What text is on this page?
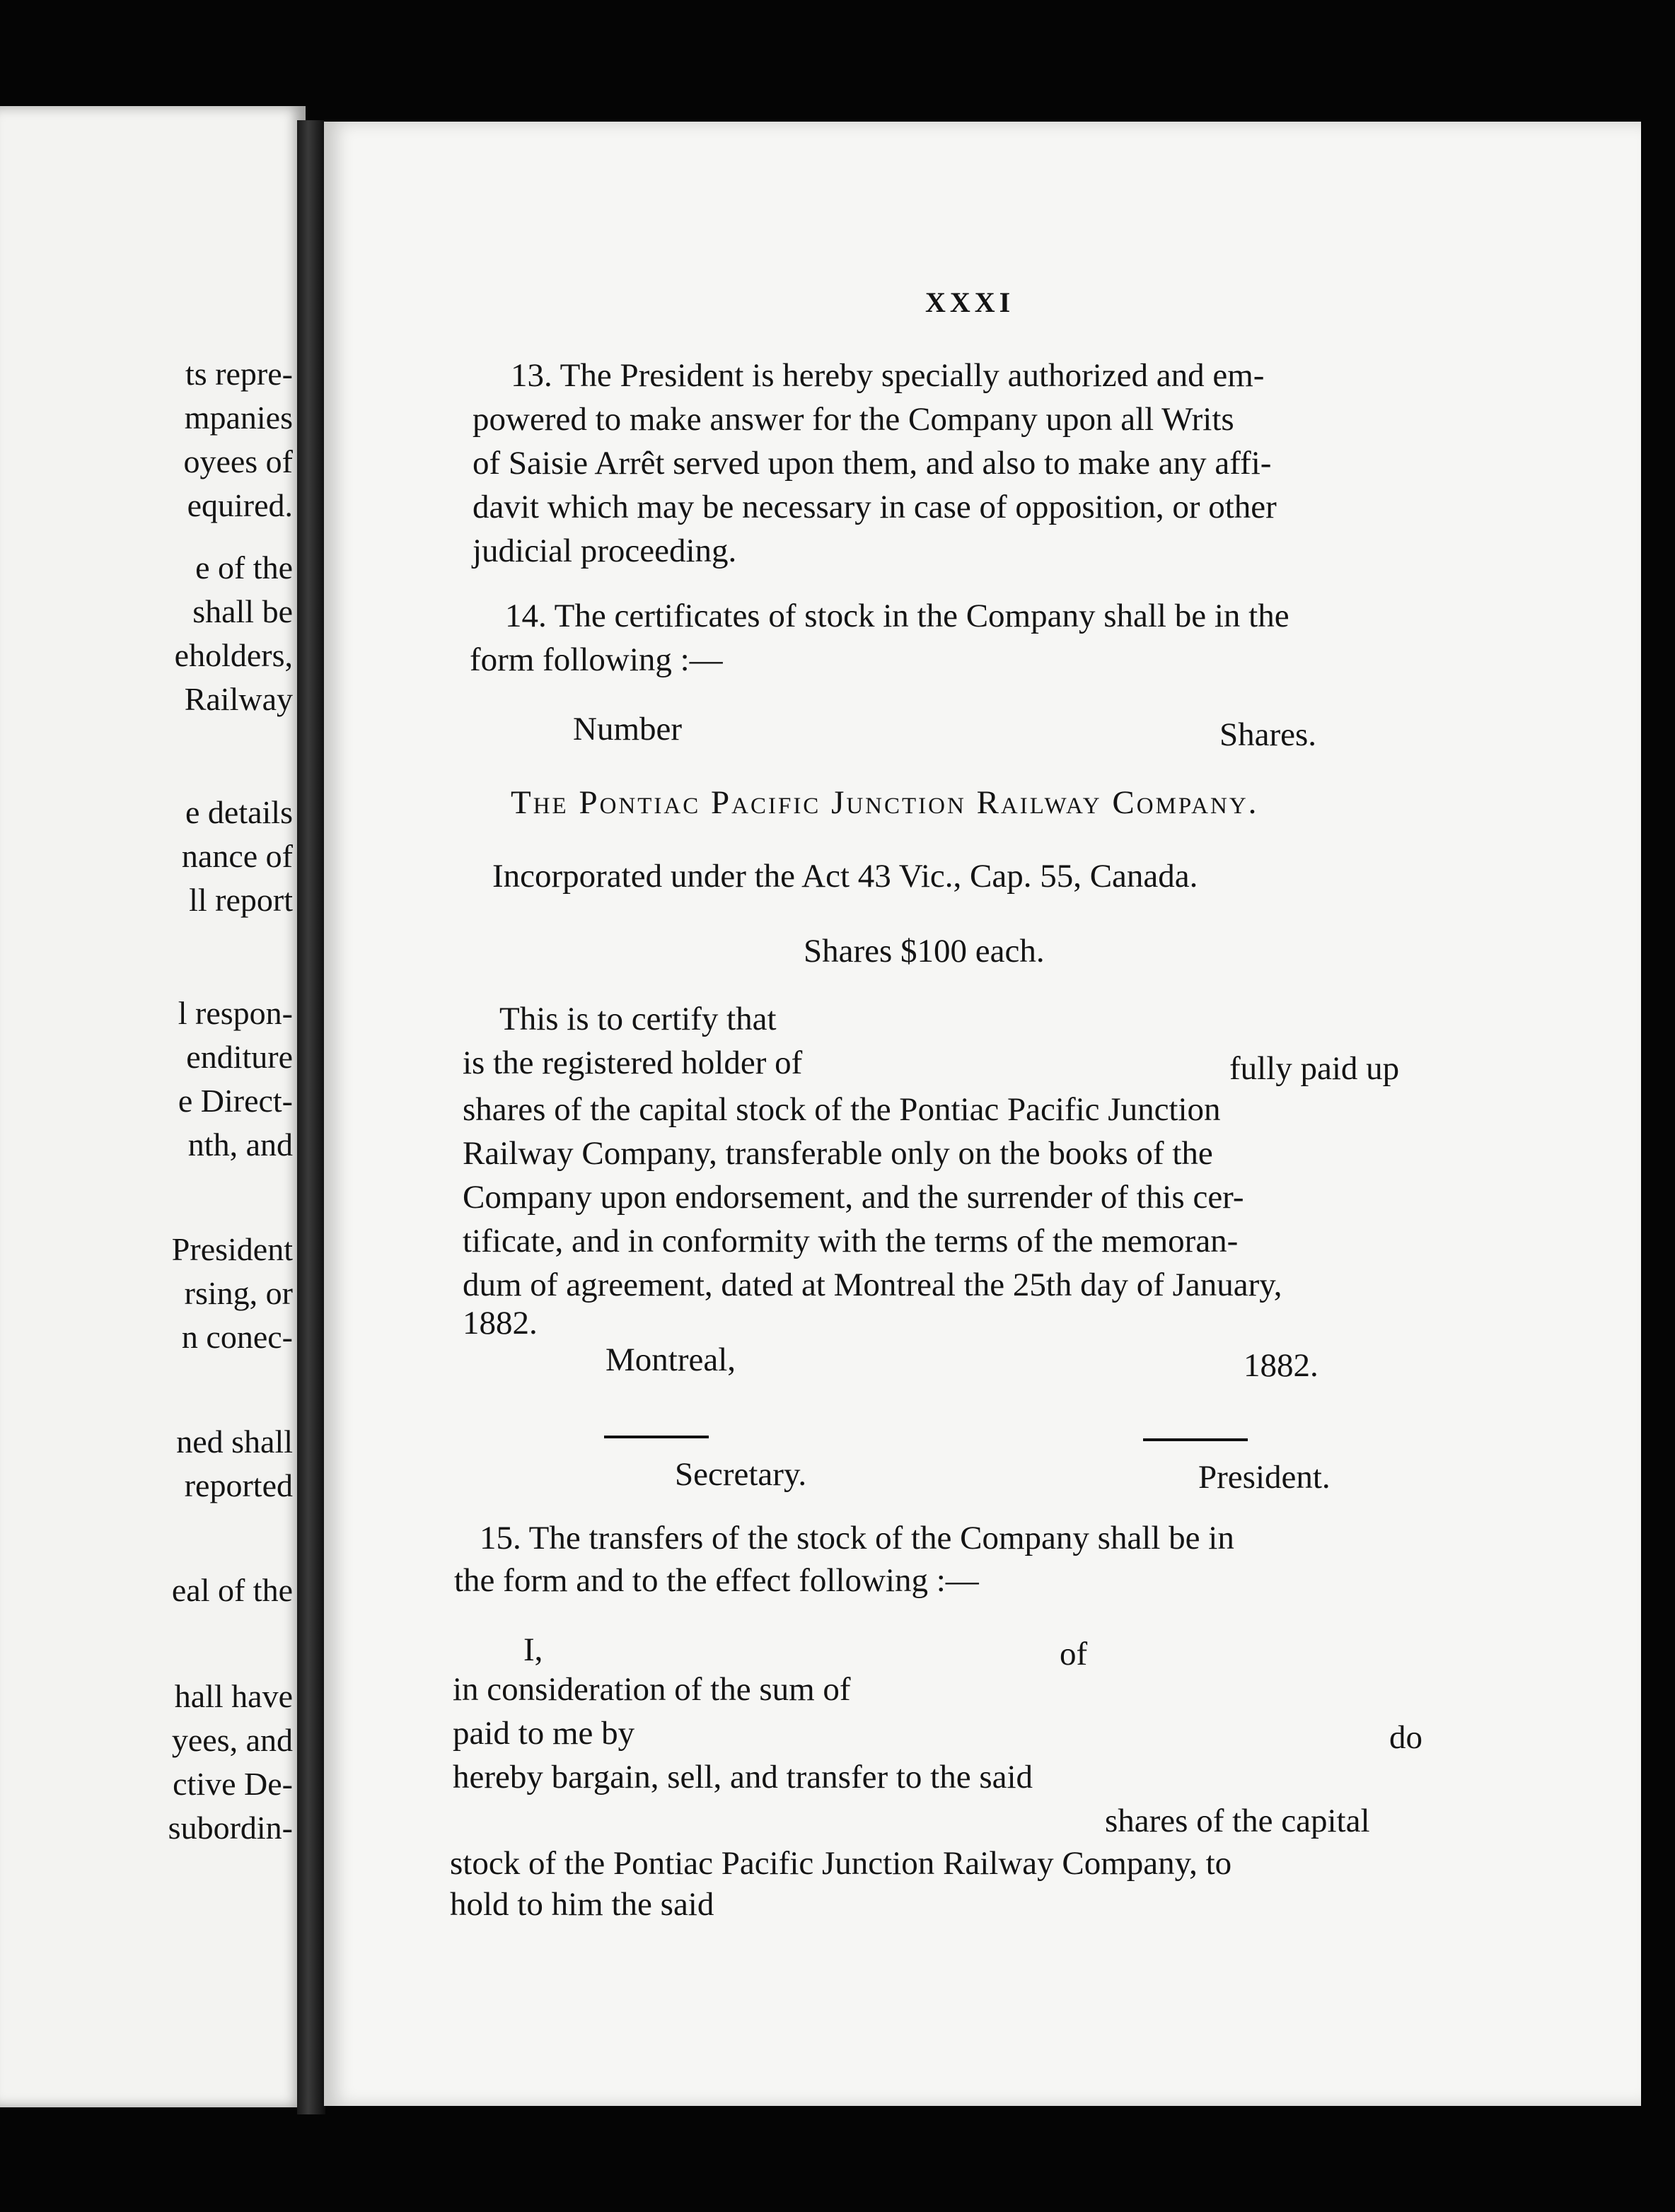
ts repre-
mpanies
oyees of
equired.
e of the
shall be
eholders,
Railway
e details
nance of
ll report
l respon-
enditure
e Direct-
nth, and
President
rsing, or
n conec-
ned shall
reported
eal of the
hall have
yees, and
ctive De-
subordin-
XXXI
13. The President is hereby specially authorized and em-
powered to make answer for the Company upon all Writs
of Saisie Arrêt served upon them, and also to make any affi-
davit which may be necessary in case of opposition, or other
judicial proceeding.
14. The certificates of stock in the Company shall be in the
form following :—
Number	Shares.
The Pontiac Pacific Junction Railway Company.
Incorporated under the Act 43 Vic., Cap. 55, Canada.
Shares $100 each.
This is to certify that
is the registered holder of	fully paid up
shares of the capital stock of the Pontiac Pacific Junction
Railway Company, transferable only on the books of the
Company upon endorsement, and the surrender of this cer-
tificate, and in conformity with the terms of the memoran-
dum of agreement, dated at Montreal the 25th day of January,
1882.
Montreal,	1882.
Secretary.	President.
15. The transfers of the stock of the Company shall be in
the form and to the effect following :—
I,	of
in consideration of the sum of
paid to me by	do
hereby bargain, sell, and transfer to the said
shares of the capital
stock of the Pontiac Pacific Junction Railway Company, to
hold to him the said
